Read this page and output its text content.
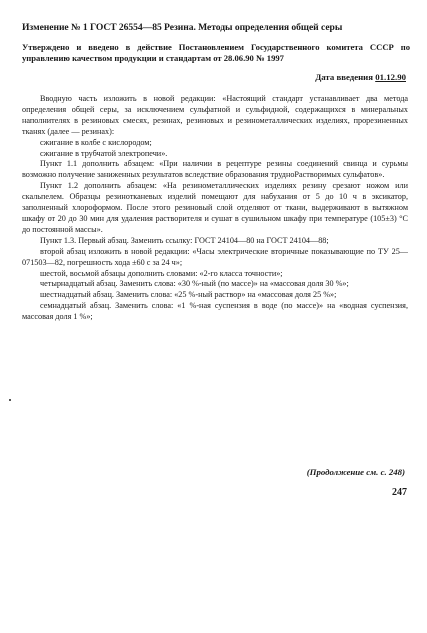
Изменение № 1 ГОСТ 26554—85 Резина. Методы определения общей серы
Утверждено и введено в действие Постановлением Государственного комитета СССР по управлению качеством продукции и стандартам от 28.06.90 № 1997
Дата введения 01.12.90

Вводную часть изложить в новой редакции: «Настоящий стандарт устанавливает два метода определения общей серы, за исключением сульфатной и сульфидной, содержащихся в минеральных наполнителях в резиновых смесях, резинах, резиновых и резинометаллических изделиях, прорезиненных тканях (далее — резинах):

сжигание в колбе с кислородом;

сжигание в трубчатой электропечи».

Пункт 1.1 дополнить абзацем: «При наличии в рецептуре резины соединений свинца и сурьмы возможно получение заниженных результатов вследствие образования трудноРастворимых сульфатов».

Пункт 1.2 дополнить абзацем: «На резинометаллических изделиях резину срезают ножом или скальпелем. Образцы резинотканевых изделий помещают для набухания от 5 до 10 ч в эксикатор, заполненный хлороформом. После этого резиновый слой отделяют от ткани, выдерживают в вытяжном шкафу от 20 до 30 мин для удаления растворителя и сушат в сушильном шкафу при температуре (105±3) °С до постоянной массы».

Пункт 1.3. Первый абзац. Заменить ссылку: ГОСТ 24104—80 на ГОСТ 24104—88;

второй абзац изложить в новой редакции: «Часы электрические вторичные показывающие по ТУ 25—071503—82, погрешность хода ±60 с за 24 ч»;

шестой, восьмой абзацы дополнить словами: «2-го класса точности»;

четырнадцатый абзац. Заменить слова: «30 %-ный (по массе)» на «массовая доля 30 %»;

шестнадцатый абзац. Заменить слова: «25 %-ный раствор» на «массовая доля 25 %»;

семнадцатый абзац. Заменить слова: «1 %-ная суспензия в воде (по массе)» на «водная суспензия, массовая доля 1 %»;

(Продолжение см. с. 248)
247
